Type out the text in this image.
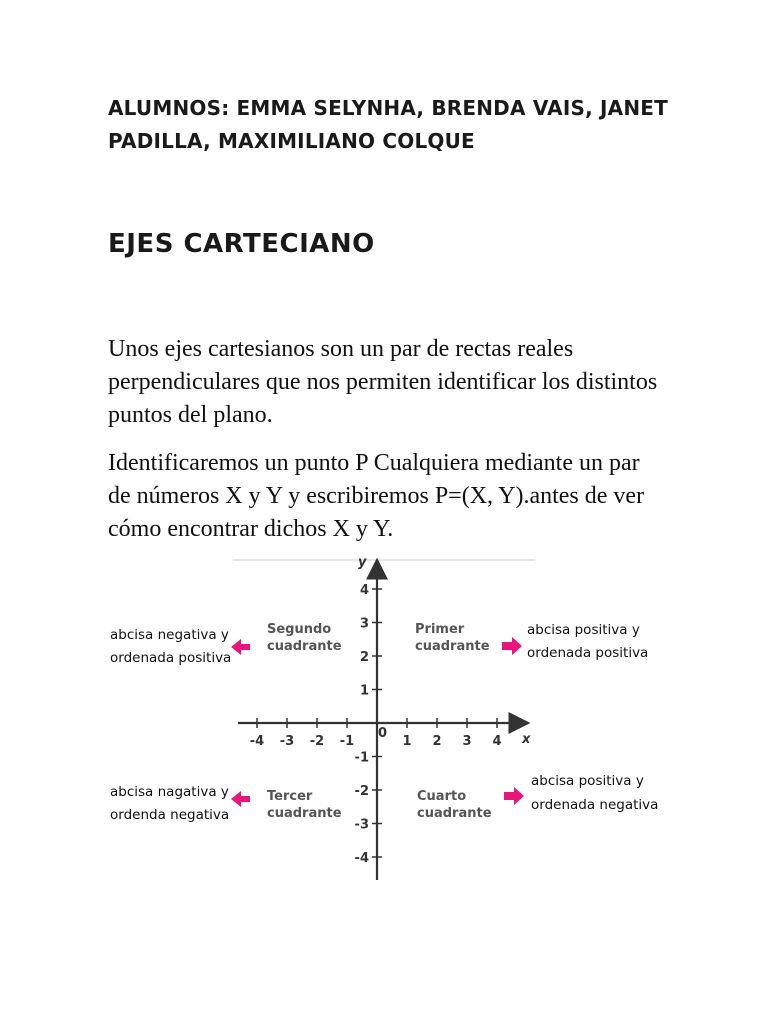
ALUMNOS: EMMA SELYNHA, BRENDA VAIS, JANET PADILLA, MAXIMILIANO COLQUE
EJES CARTECIANO

Unos ejes cartesianos son un par de rectas reales perpendiculares que nos permiten identificar los distintos puntos del plano.

Identificaremos un punto P Cualquiera mediante un par de números X y Y y escribiremos P=(X, Y).antes de ver cómo encontrar dichos X y Y.

-4 -3 -2 -1	1 2 3 4
4
3
2
1
-1
-2
-3
-4
x
y
0
Segundo
cuadrante
Primer
cuadrante
Tercer
cuadrante
Cuarto
cuadrante
abcisa negativa y
ordenada positiva
abcisa positiva y
ordenada positiva
abcisa nagativa y
ordenda negativa
abcisa positiva y
ordenada negativa
